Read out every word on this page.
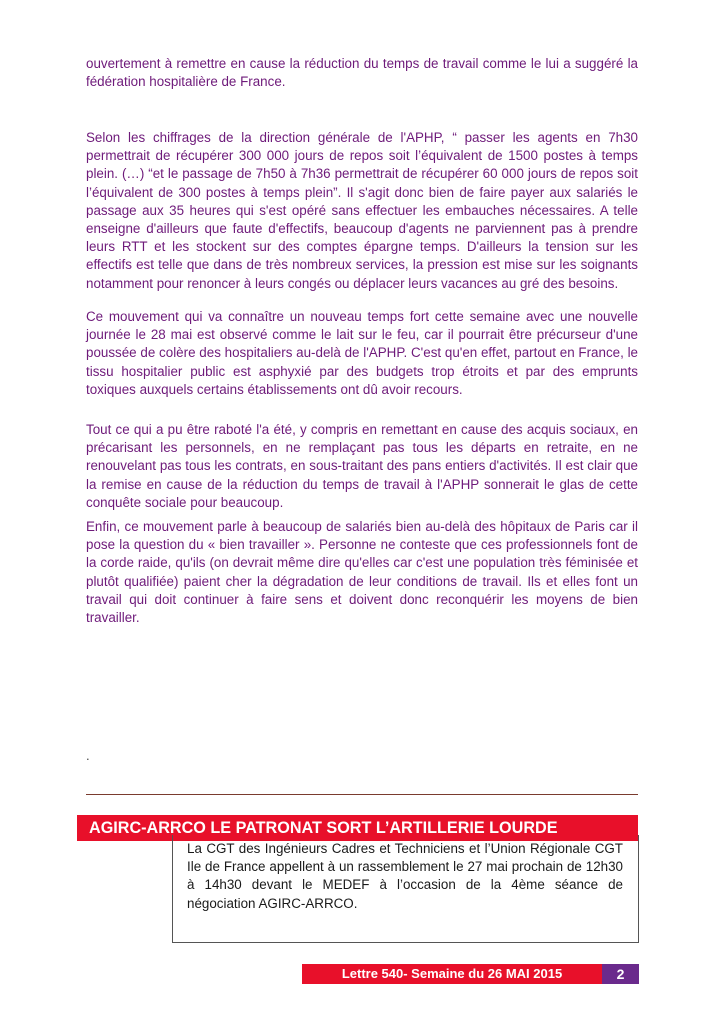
ouvertement à remettre en cause la réduction du temps de travail comme le lui a suggéré la fédération hospitalière de France.

Selon les chiffrages de la direction générale de l'APHP, “ passer les agents en 7h30 permettrait de récupérer 300 000 jours de repos soit l’équivalent de 1500 postes à temps plein. (…) “et le passage de 7h50 à 7h36 permettrait de récupérer 60 000 jours de repos soit l’équivalent de 300 postes à temps plein”. Il s'agit donc bien de faire payer aux salariés le passage aux 35 heures qui s'est opéré sans effectuer les embauches nécessaires. A telle enseigne d'ailleurs que faute d'effectifs, beaucoup d'agents ne parviennent pas à prendre leurs RTT et les stockent sur des comptes épargne temps. D'ailleurs la tension sur les effectifs est telle que dans de très nombreux services, la pression est mise sur les soignants notamment pour renoncer à leurs congés ou déplacer leurs vacances au gré des besoins.

Ce mouvement qui va connaître un nouveau temps fort cette semaine avec une nouvelle journée le 28 mai est observé comme le lait sur le feu, car il pourrait être précurseur d'une poussée de colère des hospitaliers au-delà de l'APHP. C'est qu'en effet, partout en France, le tissu hospitalier public est asphyxié par des budgets trop étroits et par des emprunts toxiques auxquels certains établissements ont dû avoir recours.

Tout ce qui a pu être raboté l'a été, y compris en remettant en cause des acquis sociaux, en précarisant les personnels, en ne remplaçant pas tous les départs en retraite, en ne renouvelant pas tous les contrats, en sous-traitant des pans entiers d'activités. Il est clair que la remise en cause de la réduction du temps de travail à l'APHP sonnerait le glas de cette conquête sociale pour beaucoup.

Enfin, ce mouvement parle à beaucoup de salariés bien au-delà des hôpitaux de Paris car il pose la question du « bien travailler ». Personne ne conteste que ces professionnels font de la corde raide, qu'ils (on devrait même dire qu'elles car c'est une population très féminisée et plutôt qualifiée) paient cher la dégradation de leur conditions de travail. Ils et elles font un travail qui doit continuer à faire sens et doivent donc reconquérir les moyens de bien travailler.

.
AGIRC-ARRCO LE PATRONAT SORT L’ARTILLERIE LOURDE
La CGT des Ingénieurs Cadres et Techniciens et l’Union Régionale CGT Ile de France appellent à un rassemblement le 27 mai prochain de 12h30 à 14h30 devant le MEDEF à l’occasion de la 4ème séance de négociation AGIRC-ARRCO.
Lettre 540- Semaine du 26 MAI 2015	2
